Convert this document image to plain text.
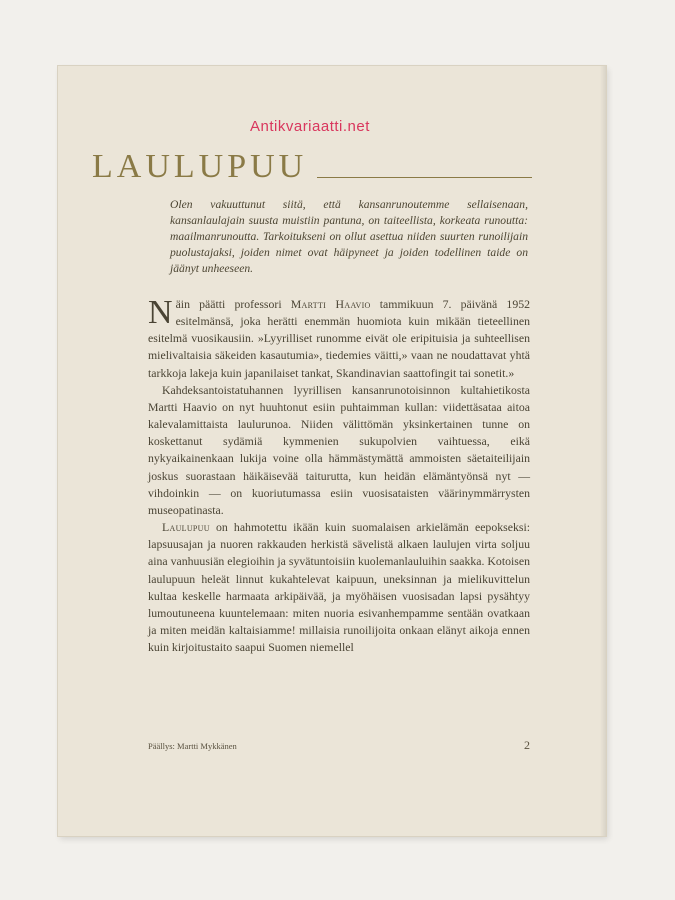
Antikvariaatti.net
LAULUPUU

Olen vakuuttunut siitä, että kansanrunoutemme sellaisenaan, kansanlaulajain suusta muistiin pantuna, on taiteellista, korkeata runoutta: maailmanrunoutta. Tarkoitukseni on ollut asettua niiden suurten runoilijain puolustajaksi, joiden nimet ovat häipyneet ja joiden todellinen taide on jäänyt unheeseen.

Näin päätti professori Martti Haavio tammikuun 7. päivänä 1952 esitelmänsä, joka herätti enemmän huomiota kuin mikään tieteellinen esitelmä vuosikausiin. »Lyyrilliset runomme eivät ole eripituisia ja suhteellisen mielivaltaisia säkeiden kasautumia», tiedemies väitti,» vaan ne noudattavat yhtä tarkkoja lakeja kuin japanilaiset tankat, Skandinavian saattofingit tai sonetit.»

Kahdeksantoistatuhannen lyyrillisen kansanrunotoisinnon kultahietikosta Martti Haavio on nyt huuhtonut esiin puhtaimman kullan: viidettäsataa aitoa kalevalamittaista laulurunoa. Niiden välittömän yksinkertainen tunne on koskettanut sydämiä kymmenien sukupolvien vaihtuessa, eikä nykyaikainenkaan lukija voine olla hämmästymättä ammoisten säetaiteilijain joskus suorastaan häikäisevää taiturutta, kun heidän elämäntyönsä nyt — vihdoinkin — on kuoriutumassa esiin vuosisataisten väärinymmärrysten museopatinasta.

Laulupuu on hahmotettu ikään kuin suomalaisen arkielämän eepokseksi: lapsuusajan ja nuoren rakkauden herkistä sävelistä alkaen laulujen virta soljuu aina vanhuusiän elegioihin ja syvätuntoisiin kuolemanlauluihin saakka. Kotoisen laulupuun heleät linnut kukahtelevat kaipuun, uneksinnan ja mielikuvittelun kultaa keskelle harmaata arkipäivää, ja myöhäisen vuosisadan lapsi pysähtyy lumoutuneena kuuntelemaan: miten nuoria esivanhempamme sentään ovatkaan ja miten meidän kaltaisiamme! millaisia runoilijoita onkaan elänyt aikoja ennen kuin kirjoitustaito saapui Suomen niemellel

Päällys: Martti Mykkänen	2
